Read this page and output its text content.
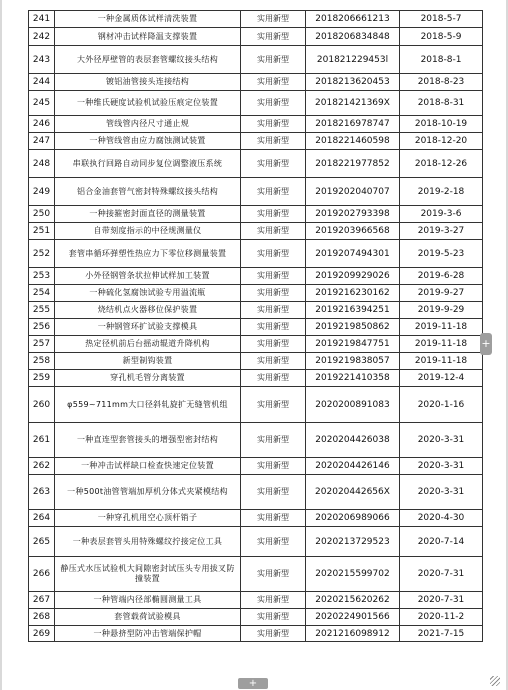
241	一种金属质体试样清洗装置	实用新型	2018206661213	2018-5-7
242	钢材冲击试样降温支撑装置	实用新型	2018206834848	2018-5-9
243	大外径厚壁管的表层套管螺纹接头结构	实用新型	201821229453l	2018-8-1
244	镀铝油管接头连接结构	实用新型	2018213620453	2018-8-23
245	一种维氏硬度试验机试验压痕定位装置	实用新型	201821421369X	2018-8-31
246	管线管内径尺寸通止规	实用新型	2018216978747	2018-10-19
247	一种管线管由应力腐蚀测试装置	实用新型	2018221460598	2018-12-20
248	串联执行回路自动同步复位调整液压系统	实用新型	2018221977852	2018-12-26
249	铝合金油套管气密封特殊螺纹接头结构	实用新型	2019202040707	2019-2-18
250	一种接箍密封面直径的测量装置	实用新型	2019202793398	2019-3-6
251	自带刻度指示的中径规测量仪	实用新型	2019203966568	2019-3-27
252	套管串循环弹塑性热应力下零位移测量装置	实用新型	2019207494301	2019-5-23
253	小外径钢管条状拉伸试样加工装置	实用新型	2019209929026	2019-6-28
254	一种硫化氢腐蚀试验专用溢流瓶	实用新型	2019216230162	2019-9-27
255	烧结机点火器移位保护装置	实用新型	2019216394251	2019-9-29
256	一种钢管环扩试验支撑模具	实用新型	2019219850862	2019-11-18
257	热定径机前后台摇动辊道升降机构	实用新型	2019219847751	2019-11-18
258	新型制钩装置	实用新型	2019219838057	2019-11-18
259	穿孔机毛管分离装置	实用新型	2019221410358	2019-12-4
260	φ559~711mm大口径斜轧旋扩无缝管机组	实用新型	2020200891083	2020-1-16
261	一种直连型套管接头的增强型密封结构	实用新型	2020204426038	2020-3-31
262	一种冲击试样缺口检查快速定位装置	实用新型	2020204426146	2020-3-31
263	一种500t油管管端加厚机分体式夹紧模结构	实用新型	202020442656X	2020-3-31
264	一种穿孔机用空心顶杆销子	实用新型	2020206989066	2020-4-30
265	一种表层套管头用特殊螺纹拧接定位工具	实用新型	2020213729523	2020-7-14
266	静压式水压试验机大间隙密封试压头专用拔叉防撞装置	实用新型	2020215599702	2020-7-31
267	一种管端内径部椭圆测量工具	实用新型	2020215620262	2020-7-31
268	套管载荷试验模具	实用新型	2020224901566	2020-11-2
269	一种悬挤型防冲击管端保护帽	实用新型	2021216098912	2021-7-15
+
+
